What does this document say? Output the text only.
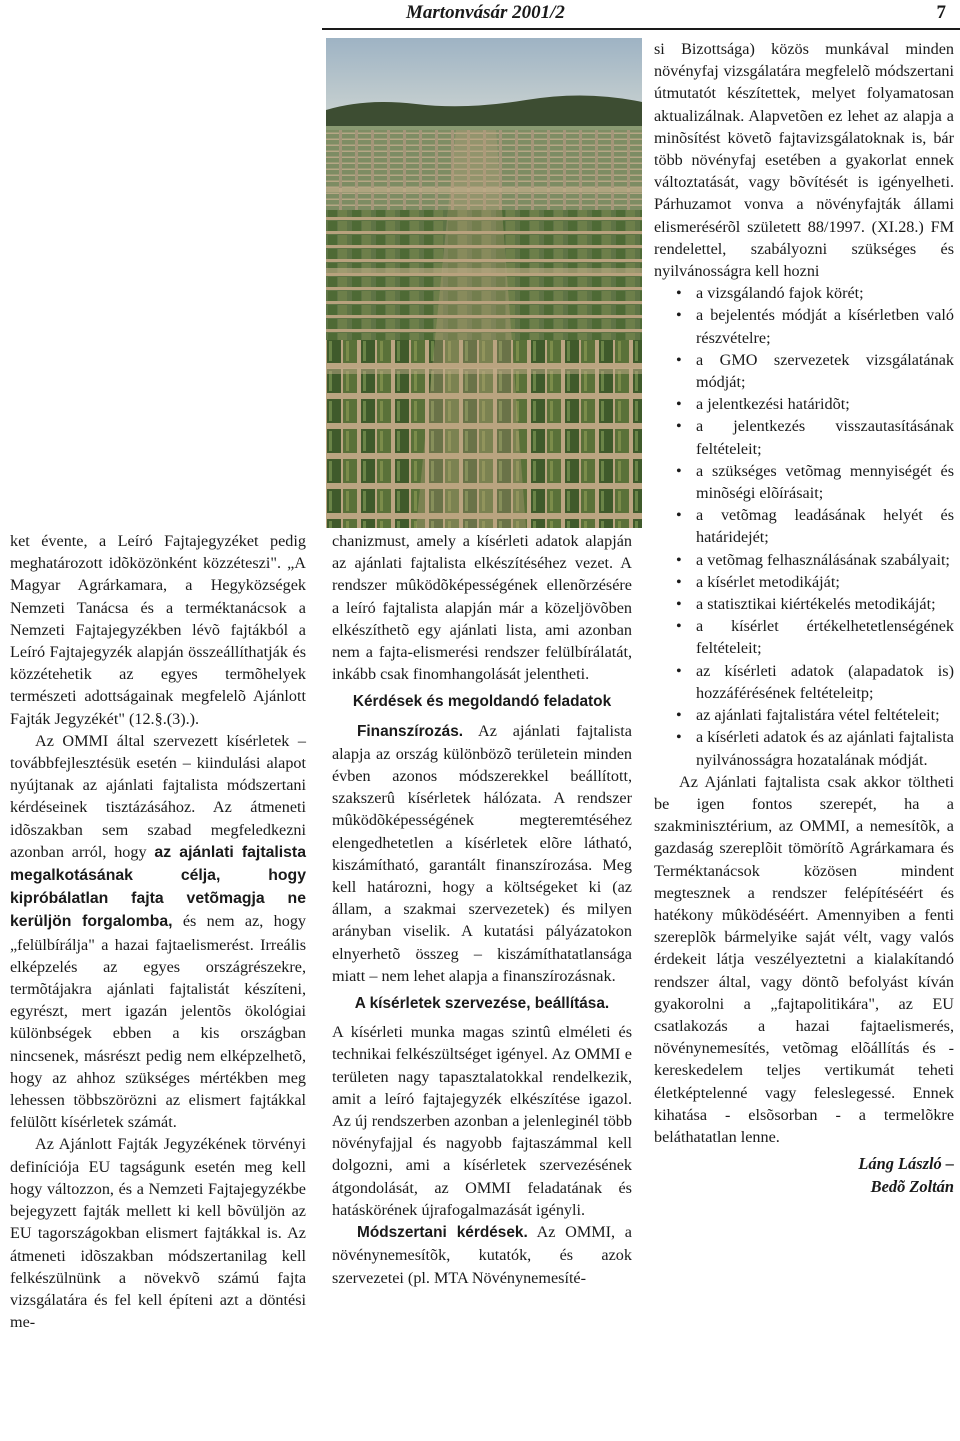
Martonvásár 2001/2	7

ket évente, a Leíró Fajtajegyzéket pedig meghatározott idõközönként közzéteszi". „A Magyar Agrárkamara, a Hegyközségek Nemzeti Tanácsa és a terméktanácsok a Nemzeti Fajtajegyzékben lévõ fajtákból a Leíró Fajtajegyzék alapján összeállíthatják és közzétehetik az egyes termõhelyek természeti adottságainak megfelelõ Ajánlott Fajták Jegyzékét" (12.§.(3).).

Az OMMI által szervezett kísérletek – továbbfejlesztésük esetén – kiindulási alapot nyújtanak az ajánlati fajtalista módszertani kérdéseinek tisztázásához. Az átmeneti idõszakban sem szabad megfeledkezni azonban arról, hogy az ajánlati fajtalista megalkotásának célja, hogy kipróbálatlan fajta vetõmagja ne kerüljön forgalomba, és nem az, hogy „felülbírálja" a hazai fajtaelismerést. Irreális elképzelés az egyes országrészekre, termõtájakra ajánlati fajtalistát készíteni, egyrészt, mert igazán jelentõs ökológiai különbségek ebben a kis országban nincsenek, másrészt pedig nem elképzelhetõ, hogy az ahhoz szükséges mértékben meg lehessen többszörözni az elismert fajtákkal felülõtt kísérletek számát.

Az Ajánlott Fajták Jegyzékének törvényi definíciója EU tagságunk esetén meg kell hogy változzon, és a Nemzeti Fajtajegyzékbe bejegyzett fajták mellett ki kell bõvüljön az EU tagországokban elismert fajtákkal is. Az átmeneti idõszakban módszertanilag kell felkészülnünk a növekvõ számú fajta vizsgálatára és fel kell építeni azt a döntési me-

chanizmust, amely a kísérleti adatok alapján az ajánlati fajtalista elkészítéséhez vezet. A rendszer mûködõképességének ellenõrzésére a leíró fajtalista alapján már a közeljövõben elkészíthetõ egy ajánlati lista, ami azonban nem a fajta-elismerési rendszer felülbírálatát, inkább csak finomhangolását jelentheti.

Kérdések és megoldandó feladatok

Finanszírozás. Az ajánlati fajtalista alapja az ország különbözõ területein minden évben azonos módszerekkel beállított, szakszerû kísérletek hálózata. A rendszer mûködõképességének megteremtéséhez elengedhetetlen a kísérletek elõre látható, kiszámítható, garantált finanszírozása. Meg kell határozni, hogy a költségeket ki (az állam, a szakmai szervezetek) és milyen arányban viselik. A kutatási pályázatokon elnyerhetõ összeg – kiszámíthatatlansága miatt – nem lehet alapja a finanszírozásnak.

A kísérletek szervezése, beállítása.

A kísérleti munka magas szintû elméleti és technikai felkészültséget igényel. Az OMMI e területen nagy tapasztalatokkal rendelkezik, amit a leíró fajtajegyzék elkészítése igazol. Az új rendszerben azonban a jelenleginél több növényfajjal és nagyobb fajtaszámmal kell dolgozni, ami a kísérletek szervezésének átgondolását, az OMMI feladatának és hatáskörének újrafogalmazását igényli.

Módszertani kérdések. Az OMMI, a növénynemesítõk, kutatók, és azok szervezetei (pl. MTA Növénynemesíté-

si Bizottsága) közös munkával minden növényfaj vizsgálatára megfelelõ módszertani útmutatót készítettek, melyet folyamatosan aktualizálnak. Alapvetõen ez lehet az alapja a minõsítést követõ fajtavizsgálatoknak is, bár több növényfaj esetében a gyakorlat ennek változtatását, vagy bõvítését is igényelheti. Párhuzamot vonva a növényfajták állami elismerésérõl született 88/1997. (XI.28.) FM rendelettel, szabályozni szükséges és nyilvánosságra kell hozni

• a vizsgálandó fajok körét;
• a bejelentés módját a kísérletben való részvételre;
• a GMO szervezetek vizsgálatának módját;
• a jelentkezési határidõt;
• a jelentkezés visszautasításának feltételeit;
• a szükséges vetõmag mennyiségét és minõségi elõírásait;
• a vetõmag leadásának helyét és határidejét;
• a vetõmag felhasználásának szabályait;
• a kísérlet metodikáját;
• a statisztikai kiértékelés metodikáját;
• a kísérlet értékelhetetlenségének feltételeit;
• az kísérleti adatok (alapadatok is) hozzáférésének feltételeitp;
• az ajánlati fajtalistára vétel feltételeit;
• a kísérleti adatok és az ajánlati fajtalista nyilvánosságra hozatalának módját.

Az Ajánlati fajtalista csak akkor töltheti be igen fontos szerepét, ha a szakminisztérium, az OMMI, a nemesítõk, a gazdaság szereplõit tömörítõ Agrárkamara és Terméktanácsok közösen mindent megtesznek a rendszer felépítéséért és hatékony mûködéséért. Amennyiben a fenti szereplõk bármelyike saját vélt, vagy valós érdekeit látja veszélyeztetni a kialakítandó rendszer által, vagy döntõ befolyást kíván gyakorolni a „fajtapolitikára", az EU csatlakozás a hazai fajtaelismerés, növénynemesítés, vetõmag elõállítás és -kereskedelem teljes vertikumát teheti életképtelenné vagy feleslegessé. Ennek kihatása - elsõsorban - a termelõkre beláthatatlan lenne.

Láng László –
Bedõ Zoltán
